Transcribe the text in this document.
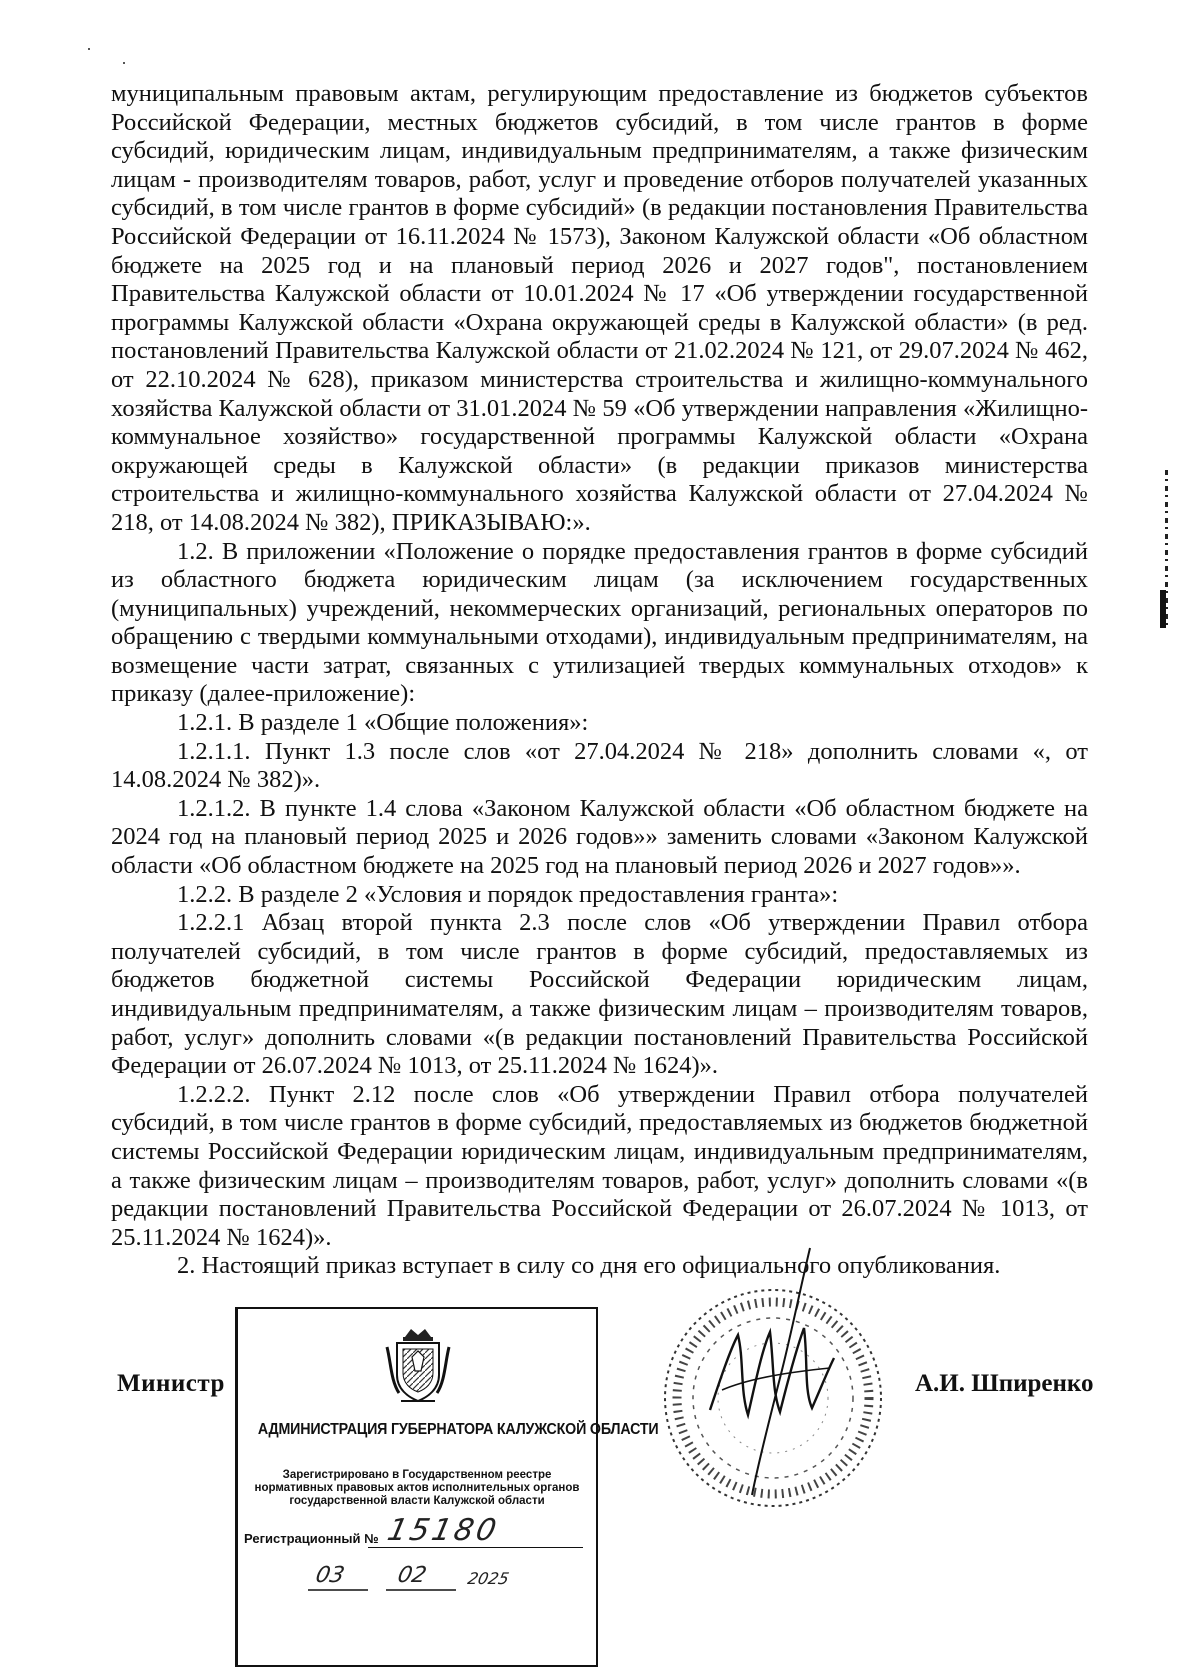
муниципальным правовым актам, регулирующим предоставление из бюджетов субъектов Российской Федерации, местных бюджетов субсидий, в том числе грантов в форме субсидий, юридическим лицам, индивидуальным предпринимателям, а также физическим лицам - производителям товаров, работ, услуг и проведение отборов получателей указанных субсидий, в том числе грантов в форме субсидий» (в редакции постановления Правительства Российской Федерации от 16.11.2024 № 1573), Законом Калужской области «Об областном бюджете на 2025 год и на плановый период 2026 и 2027 годов", постановлением Правительства Калужской области от 10.01.2024 № 17 «Об утверждении государственной программы Калужской области «Охрана окружающей среды в Калужской области» (в ред. постановлений Правительства Калужской области от 21.02.2024 № 121, от 29.07.2024 № 462, от 22.10.2024 № 628), приказом министерства строительства и жилищно-коммунального хозяйства Калужской области от 31.01.2024 № 59 «Об утверждении направления «Жилищно-коммунальное хозяйство» государственной программы Калужской области «Охрана окружающей среды в Калужской области» (в редакции приказов министерства строительства и жилищно-коммунального хозяйства Калужской области от 27.04.2024 № 218, от 14.08.2024 № 382), ПРИКАЗЫВАЮ:».

1.2. В приложении «Положение о порядке предоставления грантов в форме субсидий из областного бюджета юридическим лицам (за исключением государственных (муниципальных) учреждений, некоммерческих организаций, региональных операторов по обращению с твердыми коммунальными отходами), индивидуальным предпринимателям, на возмещение части затрат, связанных с утилизацией твердых коммунальных отходов» к приказу (далее-приложение):

1.2.1. В разделе 1 «Общие положения»:

1.2.1.1. Пункт 1.3 после слов «от 27.04.2024 № 218» дополнить словами «, от 14.08.2024 № 382)».

1.2.1.2. В пункте 1.4 слова «Законом Калужской области «Об областном бюджете на 2024 год на плановый период 2025 и 2026 годов»» заменить словами «Законом Калужской области «Об областном бюджете на 2025 год на плановый период 2026 и 2027 годов»».

1.2.2. В разделе 2 «Условия и порядок предоставления гранта»:

1.2.2.1 Абзац второй пункта 2.3 после слов «Об утверждении Правил отбора получателей субсидий, в том числе грантов в форме субсидий, предоставляемых из бюджетов бюджетной системы Российской Федерации юридическим лицам, индивидуальным предпринимателям, а также физическим лицам – производителям товаров, работ, услуг» дополнить словами «(в редакции постановлений Правительства Российской Федерации от 26.07.2024 № 1013, от 25.11.2024 № 1624)».

1.2.2.2. Пункт 2.12 после слов «Об утверждении Правил отбора получателей субсидий, в том числе грантов в форме субсидий, предоставляемых из бюджетов бюджетной системы Российской Федерации юридическим лицам, индивидуальным предпринимателям, а также физическим лицам – производителям товаров, работ, услуг» дополнить словами «(в редакции постановлений Правительства Российской Федерации от 26.07.2024 № 1013, от 25.11.2024 № 1624)».

2. Настоящий приказ вступает в силу со дня его официального опубликования.

Министр	А.И. Шпиренко
АДМИНИСТРАЦИЯ ГУБЕРНАТОРА КАЛУЖСКОЙ ОБЛАСТИ
Зарегистрировано в Государственном реестре нормативных правовых актов исполнительных органов государственной власти Калужской области
Регистрационный № 15180
03 02 2025
